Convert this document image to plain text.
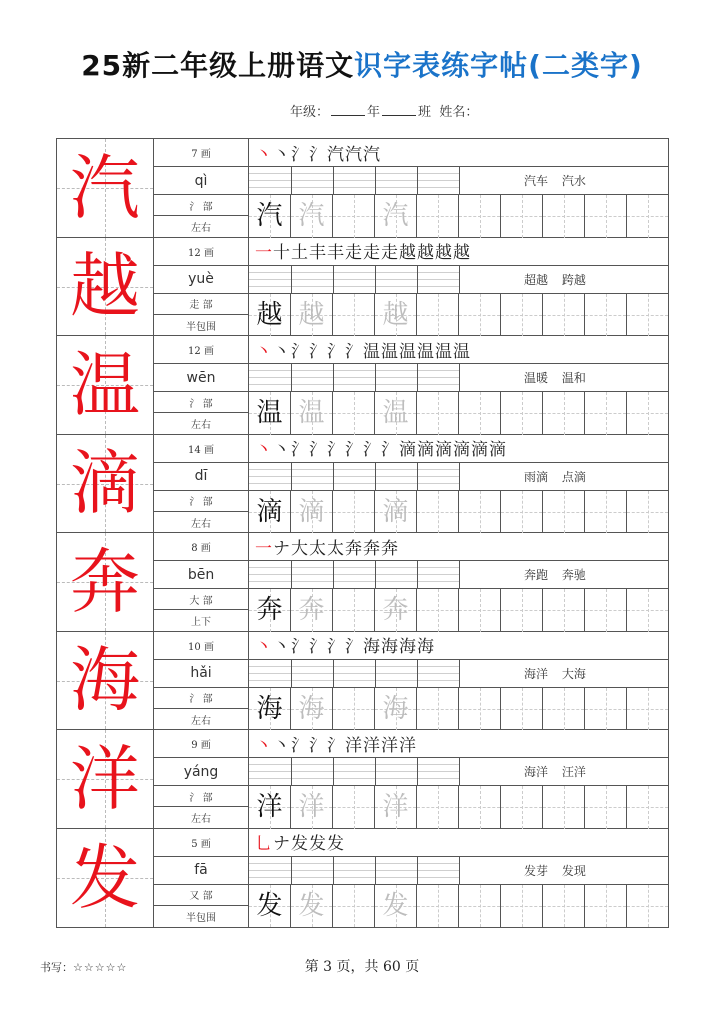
25新二年级上册语文识字表练字帖(二类字)
年级：	年	班 姓名：
汽	7 画
qì
氵 部
左右
丶丶氵氵汽汽汽
汽车 汽水
汽 汽 汽
越	12 画
yuè
走 部
半包围
一十土丰丰走走走越越越越
超越 跨越
越 越 越
温	12 画
wēn
氵 部
左右
丶丶氵氵氵氵温温温温温温
温暖 温和
温 温 温
滴	14 画
dī
氵 部
左右
丶丶氵氵氵氵氵氵滴滴滴滴滴滴
雨滴 点滴
滴 滴 滴
奔	8 画
bēn
大 部
上下
一ナ大太太奔奔奔
奔跑 奔驰
奔 奔 奔
海	10 画
hǎi
氵 部
左右
丶丶氵氵氵氵海海海海
海洋 大海
海 海 海
洋	9 画
yáng
氵 部
左右
丶丶氵氵氵洋洋洋洋
海洋 汪洋
洋 洋 洋
发	5 画
fā
又 部
半包围
乚ナ发发发
发芽 发现
发 发 发
书写：☆☆☆☆☆	第 3 页，共 60 页
